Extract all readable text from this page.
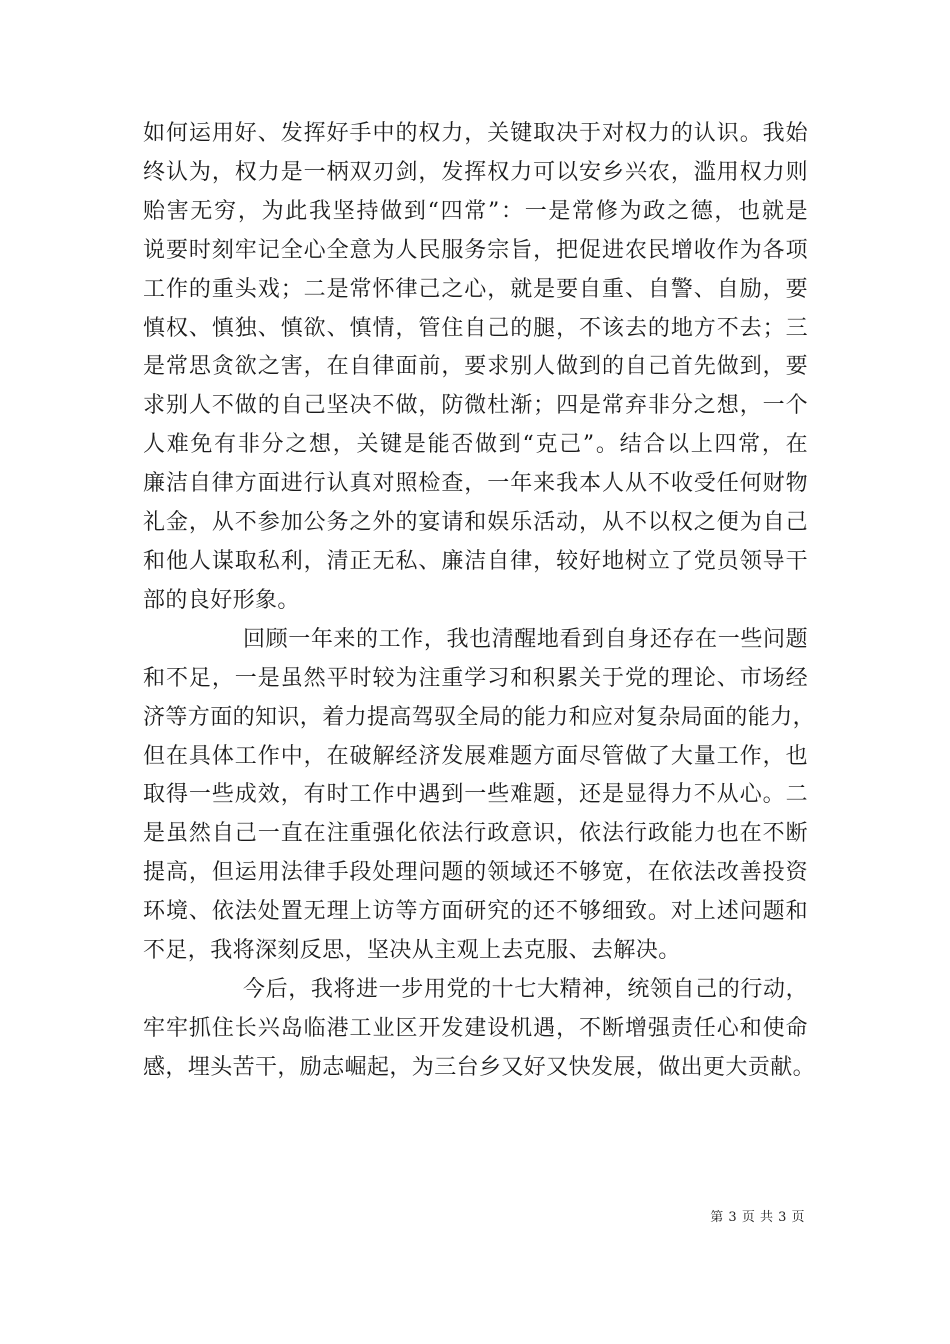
如何运用好、发挥好手中的权力，关键取决于对权力的认识。我始
终认为，权力是一柄双刃剑，发挥权力可以安乡兴农，滥用权力则
贻害无穷，为此我坚持做到“四常”：一是常修为政之德，也就是
说要时刻牢记全心全意为人民服务宗旨，把促进农民增收作为各项
工作的重头戏；二是常怀律己之心，就是要自重、自警、自励，要
慎权、慎独、慎欲、慎情，管住自己的腿，不该去的地方不去；三
是常思贪欲之害，在自律面前，要求别人做到的自己首先做到，要
求别人不做的自己坚决不做，防微杜渐；四是常弃非分之想，一个
人难免有非分之想，关键是能否做到“克己”。结合以上四常，在
廉洁自律方面进行认真对照检查，一年来我本人从不收受任何财物
礼金，从不参加公务之外的宴请和娱乐活动，从不以权之便为自己
和他人谋取私利，清正无私、廉洁自律，较好地树立了党员领导干
部的良好形象。

回顾一年来的工作，我也清醒地看到自身还存在一些问题
和不足，一是虽然平时较为注重学习和积累关于党的理论、市场经
济等方面的知识，着力提高驾驭全局的能力和应对复杂局面的能力，
但在具体工作中，在破解经济发展难题方面尽管做了大量工作，也
取得一些成效，有时工作中遇到一些难题，还是显得力不从心。二
是虽然自己一直在注重强化依法行政意识，依法行政能力也在不断
提高，但运用法律手段处理问题的领域还不够宽，在依法改善投资
环境、依法处置无理上访等方面研究的还不够细致。对上述问题和
不足，我将深刻反思，坚决从主观上去克服、去解决。

今后，我将进一步用党的十七大精神，统领自己的行动，
牢牢抓住长兴岛临港工业区开发建设机遇，不断增强责任心和使命
感，埋头苦干，励志崛起，为三台乡又好又快发展，做出更大贡献。

第 3 页 共 3 页
